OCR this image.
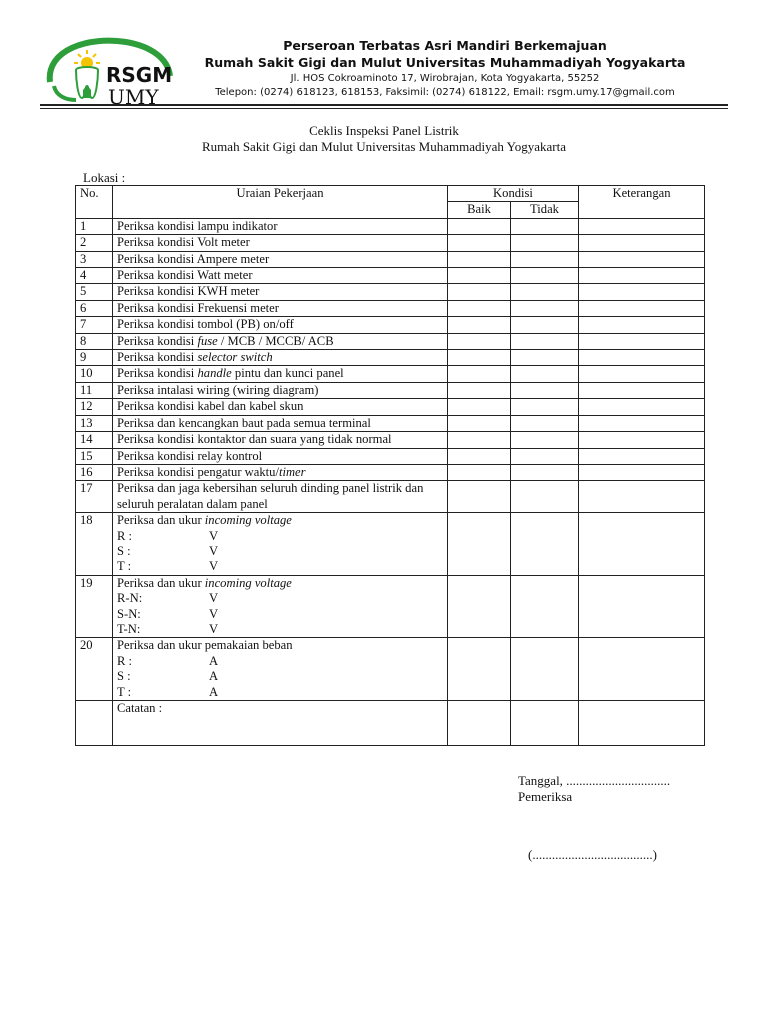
RSGM
UMY
Perseroan Terbatas Asri Mandiri Berkemajuan
Rumah Sakit Gigi dan Mulut Universitas Muhammadiyah Yogyakarta
Jl. HOS Cokroaminoto 17, Wirobrajan, Kota Yogyakarta, 55252
Telepon: (0274) 618123, 618153, Faksimil: (0274) 618122, Email: rsgm.umy.17@gmail.com
Ceklis Inspeksi Panel Listrik
Rumah Sakit Gigi dan Mulut Universitas Muhammadiyah Yogyakarta
Lokasi :
No.	Uraian Pekerjaan	Kondisi		Keterangan
		Baik	Tidak	
1	Periksa kondisi lampu indikator			

2	Periksa kondisi Volt meter			

3	Periksa kondisi Ampere meter			

4	Periksa kondisi Watt meter			

5	Periksa kondisi KWH meter			

6	Periksa kondisi Frekuensi meter			

7	Periksa kondisi tombol (PB) on/off			

8	Periksa kondisi fuse / MCB / MCCB/ ACB			

9	Periksa kondisi selector switch			

10	Periksa kondisi handle pintu dan kunci panel			

11	Periksa intalasi wiring (wiring diagram)			

12	Periksa kondisi kabel dan kabel skun			

13	Periksa dan kencangkan baut pada semua terminal			

14	Periksa kondisi kontaktor dan suara yang tidak normal			

15	Periksa kondisi relay kontrol			

16	Periksa kondisi pengatur waktu/timer			

17	Periksa dan jaga kebersihan seluruh dinding panel listrik dan seluruh peralatan dalam panel			

18	Periksa dan ukur incoming voltage
R : V
S : V
T : V			

19	Periksa dan ukur incoming voltage
R-N: V
S-N: V
T-N: V			

20	Periksa dan ukur pemakaian beban
R : A
S : A
T : A			

	Catatan :			
Tanggal, ................................
Pemeriksa
(.....................................)
